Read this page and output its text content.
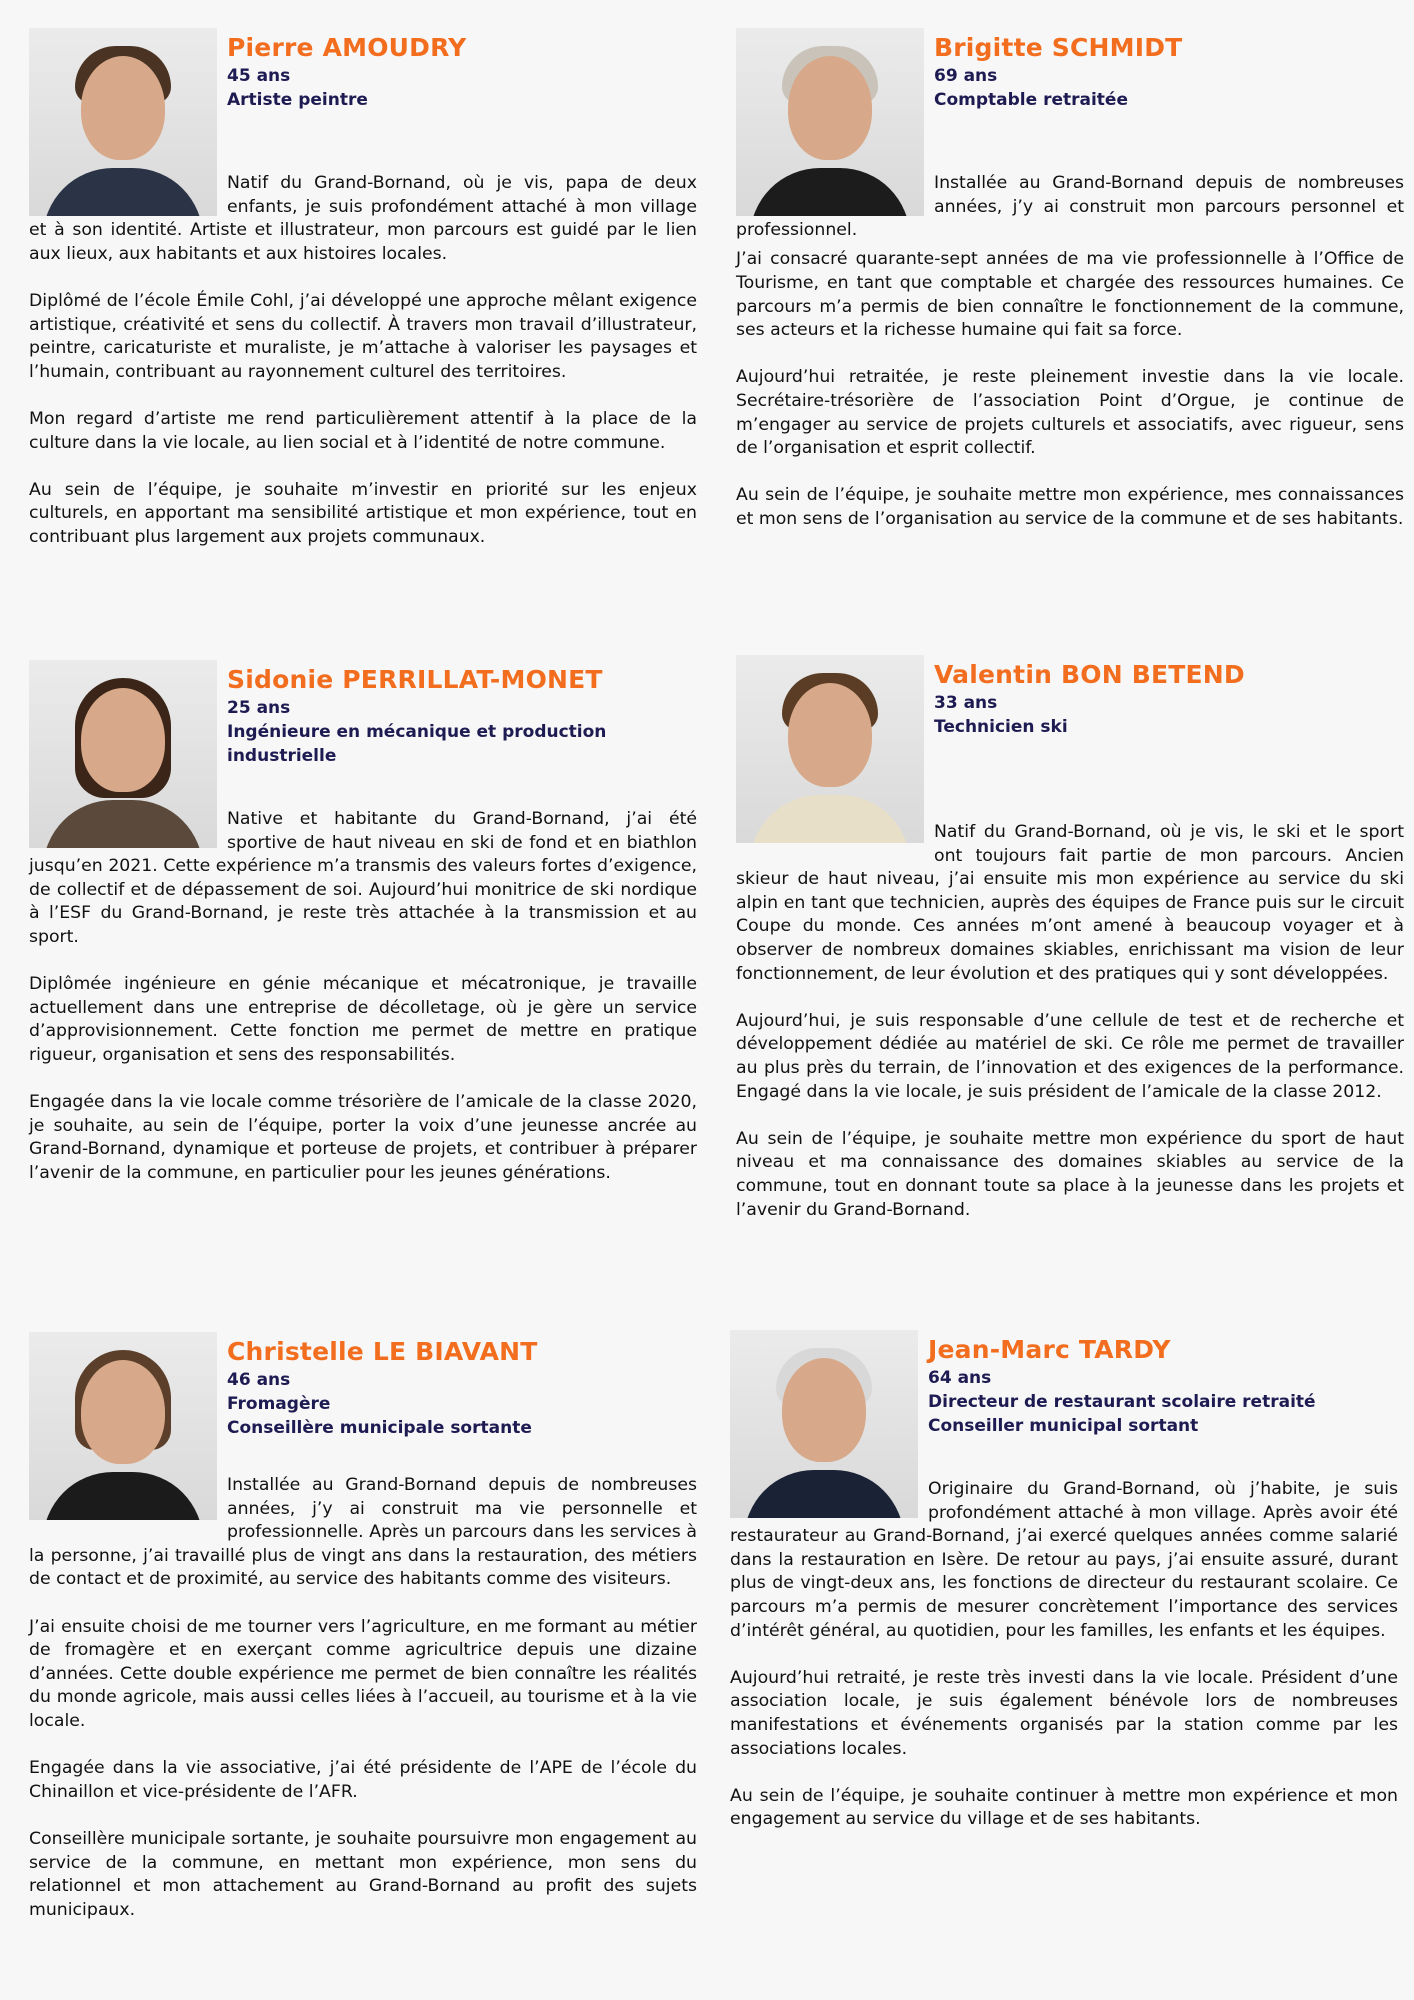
Pierre AMOUDRY
45 ans
Artiste peintre

Natif du Grand-Bornand, où je vis, papa de deux enfants, je suis profondément attaché à mon village et à son identité. Artiste et illustrateur, mon parcours est guidé par le lien aux lieux, aux habitants et aux histoires locales.

Diplômé de l’école Émile Cohl, j’ai développé une approche mêlant exigence artistique, créativité et sens du collectif. À travers mon travail d’illustrateur, peintre, caricaturiste et muraliste, je m’attache à valoriser les paysages et l’humain, contribuant au rayonnement culturel des territoires.

Mon regard d’artiste me rend particulièrement attentif à la place de la culture dans la vie locale, au lien social et à l’identité de notre commune.

Au sein de l’équipe, je souhaite m’investir en priorité sur les enjeux culturels, en apportant ma sensibilité artistique et mon expérience, tout en contribuant plus largement aux projets communaux.

Brigitte SCHMIDT
69 ans
Comptable retraitée

Installée au Grand-Bornand depuis de nombreuses années, j’y ai construit mon parcours personnel et professionnel.

J’ai consacré quarante-sept années de ma vie professionnelle à l’Office de Tourisme, en tant que comptable et chargée des ressources humaines. Ce parcours m’a permis de bien connaître le fonctionnement de la commune, ses acteurs et la richesse humaine qui fait sa force.

Aujourd’hui retraitée, je reste pleinement investie dans la vie locale. Secrétaire-trésorière de l’association Point d’Orgue, je continue de m’engager au service de projets culturels et associatifs, avec rigueur, sens de l’organisation et esprit collectif.

Au sein de l’équipe, je souhaite mettre mon expérience, mes connaissances et mon sens de l’organisation au service de la commune et de ses habitants.

Sidonie PERRILLAT-MONET
25 ans
Ingénieure en mécanique et production industrielle

Native et habitante du Grand-Bornand, j’ai été sportive de haut niveau en ski de fond et en biathlon jusqu’en 2021. Cette expérience m’a transmis des valeurs fortes d’exigence, de collectif et de dépassement de soi. Aujourd’hui monitrice de ski nordique à l’ESF du Grand-Bornand, je reste très attachée à la transmission et au sport.

Diplômée ingénieure en génie mécanique et mécatronique, je travaille actuellement dans une entreprise de décolletage, où je gère un service d’approvisionnement. Cette fonction me permet de mettre en pratique rigueur, organisation et sens des responsabilités.

Engagée dans la vie locale comme trésorière de l’amicale de la classe 2020, je souhaite, au sein de l’équipe, porter la voix d’une jeunesse ancrée au Grand-Bornand, dynamique et porteuse de projets, et contribuer à préparer l’avenir de la commune, en particulier pour les jeunes générations.

Valentin BON BETEND
33 ans
Technicien ski

Natif du Grand-Bornand, où je vis, le ski et le sport ont toujours fait partie de mon parcours. Ancien skieur de haut niveau, j’ai ensuite mis mon expérience au service du ski alpin en tant que technicien, auprès des équipes de France puis sur le circuit Coupe du monde. Ces années m’ont amené à beaucoup voyager et à observer de nombreux domaines skiables, enrichissant ma vision de leur fonctionnement, de leur évolution et des pratiques qui y sont développées.

Aujourd’hui, je suis responsable d’une cellule de test et de recherche et développement dédiée au matériel de ski. Ce rôle me permet de travailler au plus près du terrain, de l’innovation et des exigences de la performance. Engagé dans la vie locale, je suis président de l’amicale de la classe 2012.

Au sein de l’équipe, je souhaite mettre mon expérience du sport de haut niveau et ma connaissance des domaines skiables au service de la commune, tout en donnant toute sa place à la jeunesse dans les projets et l’avenir du Grand-Bornand.

Christelle LE BIAVANT
46 ans
Fromagère
Conseillère municipale sortante

Installée au Grand-Bornand depuis de nombreuses années, j’y ai construit ma vie personnelle et professionnelle. Après un parcours dans les services à la personne, j’ai travaillé plus de vingt ans dans la restauration, des métiers de contact et de proximité, au service des habitants comme des visiteurs.

J’ai ensuite choisi de me tourner vers l’agriculture, en me formant au métier de fromagère et en exerçant comme agricultrice depuis une dizaine d’années. Cette double expérience me permet de bien connaître les réalités du monde agricole, mais aussi celles liées à l’accueil, au tourisme et à la vie locale.

Engagée dans la vie associative, j’ai été présidente de l’APE de l’école du Chinaillon et vice-présidente de l’AFR.

Conseillère municipale sortante, je souhaite poursuivre mon engagement au service de la commune, en mettant mon expérience, mon sens du relationnel et mon attachement au Grand-Bornand au profit des sujets municipaux.

Jean-Marc TARDY
64 ans
Directeur de restaurant scolaire retraité
Conseiller municipal sortant

Originaire du Grand-Bornand, où j’habite, je suis profondément attaché à mon village. Après avoir été restaurateur au Grand-Bornand, j’ai exercé quelques années comme salarié dans la restauration en Isère. De retour au pays, j’ai ensuite assuré, durant plus de vingt-deux ans, les fonctions de directeur du restaurant scolaire. Ce parcours m’a permis de mesurer concrètement l’importance des services d’intérêt général, au quotidien, pour les familles, les enfants et les équipes.

Aujourd’hui retraité, je reste très investi dans la vie locale. Président d’une association locale, je suis également bénévole lors de nombreuses manifestations et événements organisés par la station comme par les associations locales.

Au sein de l’équipe, je souhaite continuer à mettre mon expérience et mon engagement au service du village et de ses habitants.
